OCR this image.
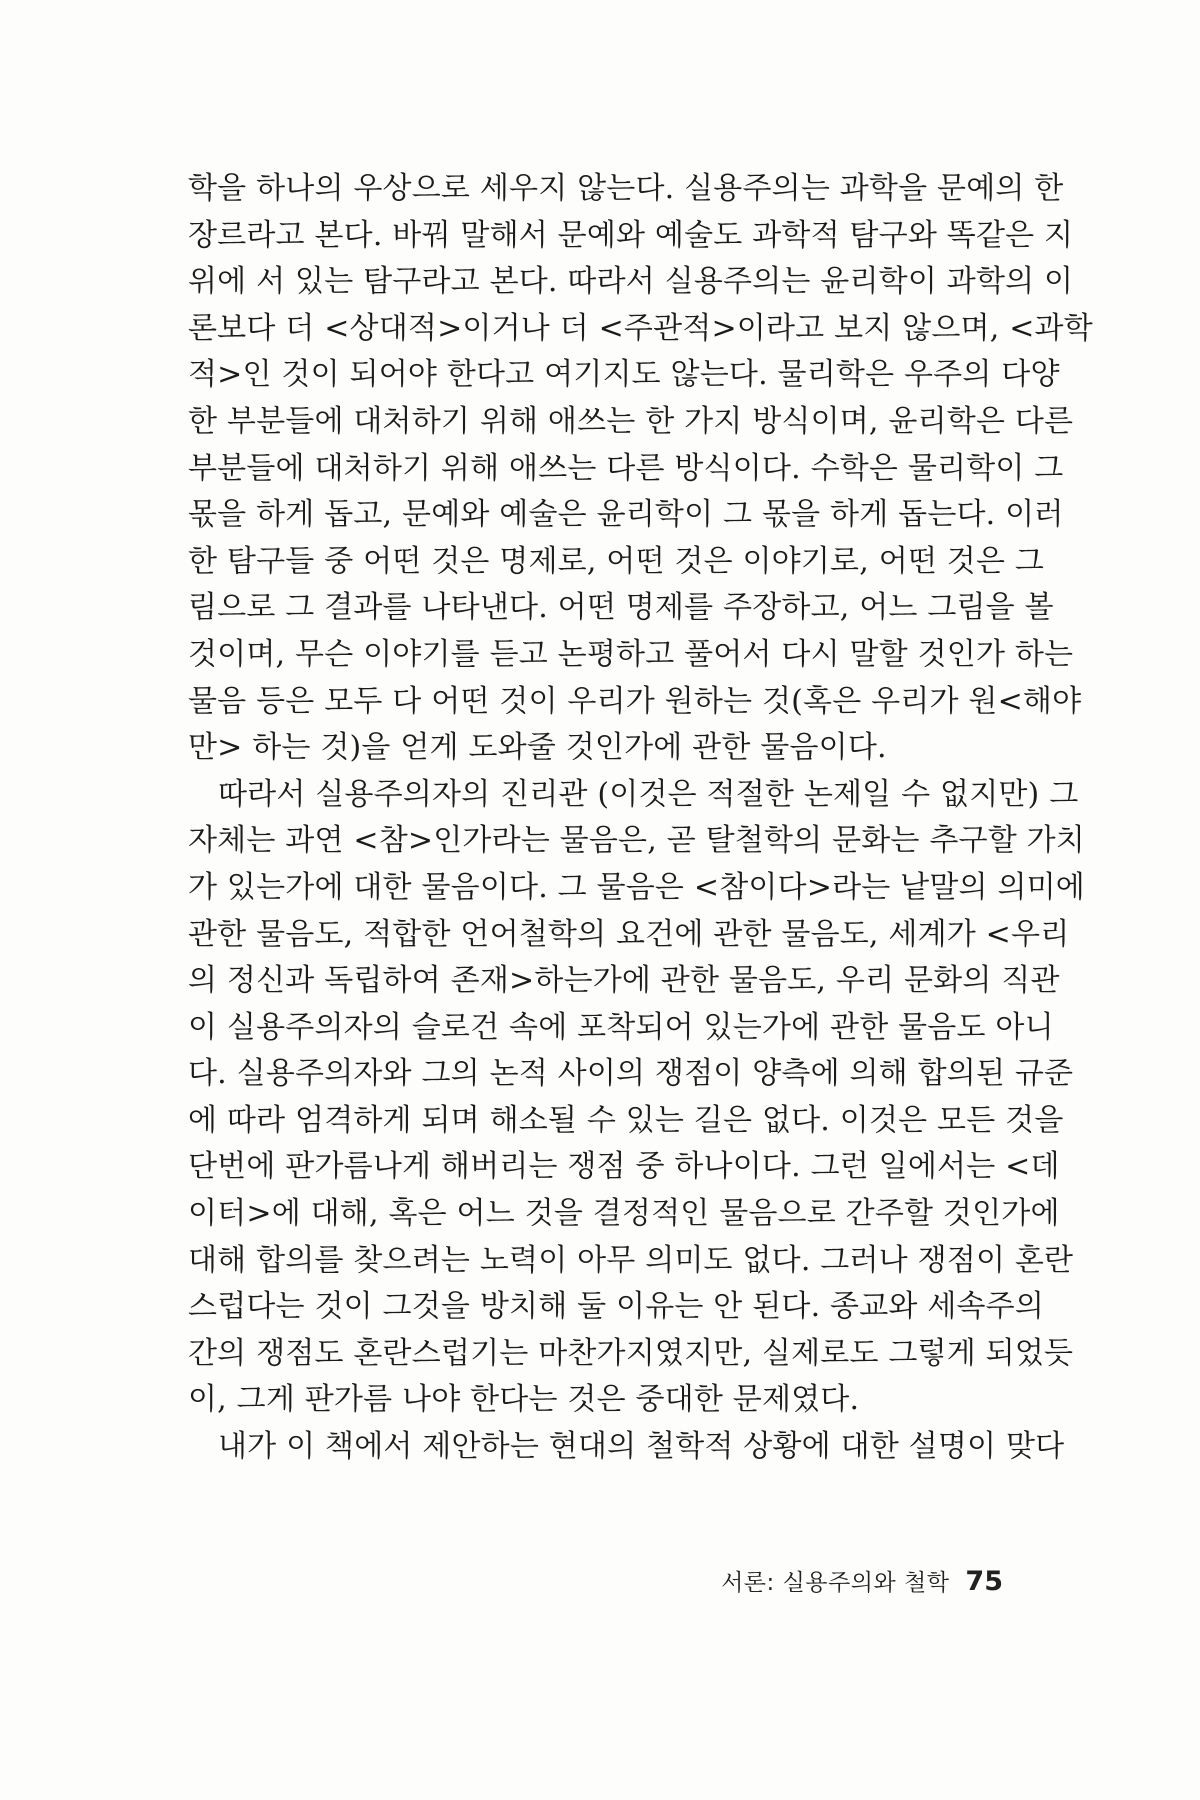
학을 하나의 우상으로 세우지 않는다. 실용주의는 과학을 문예의 한
장르라고 본다. 바꿔 말해서 문예와 예술도 과학적 탐구와 똑같은 지
위에 서 있는 탐구라고 본다. 따라서 실용주의는 윤리학이 과학의 이
론보다 더 <상대적>이거나 더 <주관적>이라고 보지 않으며, <과학
적>인 것이 되어야 한다고 여기지도 않는다. 물리학은 우주의 다양
한 부분들에 대처하기 위해 애쓰는 한 가지 방식이며, 윤리학은 다른
부분들에 대처하기 위해 애쓰는 다른 방식이다. 수학은 물리학이 그
몫을 하게 돕고, 문예와 예술은 윤리학이 그 몫을 하게 돕는다. 이러
한 탐구들 중 어떤 것은 명제로, 어떤 것은 이야기로, 어떤 것은 그
림으로 그 결과를 나타낸다. 어떤 명제를 주장하고, 어느 그림을 볼
것이며, 무슨 이야기를 듣고 논평하고 풀어서 다시 말할 것인가 하는
물음 등은 모두 다 어떤 것이 우리가 원하는 것(혹은 우리가 원<해야
만> 하는 것)을 얻게 도와줄 것인가에 관한 물음이다.
따라서 실용주의자의 진리관 (이것은 적절한 논제일 수 없지만) 그
자체는 과연 <참>인가라는 물음은, 곧 탈철학의 문화는 추구할 가치
가 있는가에 대한 물음이다. 그 물음은 <참이다>라는 낱말의 의미에
관한 물음도, 적합한 언어철학의 요건에 관한 물음도, 세계가 <우리
의 정신과 독립하여 존재>하는가에 관한 물음도, 우리 문화의 직관
이 실용주의자의 슬로건 속에 포착되어 있는가에 관한 물음도 아니
다. 실용주의자와 그의 논적 사이의 쟁점이 양측에 의해 합의된 규준
에 따라 엄격하게 되며 해소될 수 있는 길은 없다. 이것은 모든 것을
단번에 판가름나게 해버리는 쟁점 중 하나이다. 그런 일에서는 <데
이터>에 대해, 혹은 어느 것을 결정적인 물음으로 간주할 것인가에
대해 합의를 찾으려는 노력이 아무 의미도 없다. 그러나 쟁점이 혼란
스럽다는 것이 그것을 방치해 둘 이유는 안 된다. 종교와 세속주의
간의 쟁점도 혼란스럽기는 마찬가지였지만, 실제로도 그렇게 되었듯
이, 그게 판가름 나야 한다는 것은 중대한 문제였다.
내가 이 책에서 제안하는 현대의 철학적 상황에 대한 설명이 맞다
서론: 실용주의와 철학 75
